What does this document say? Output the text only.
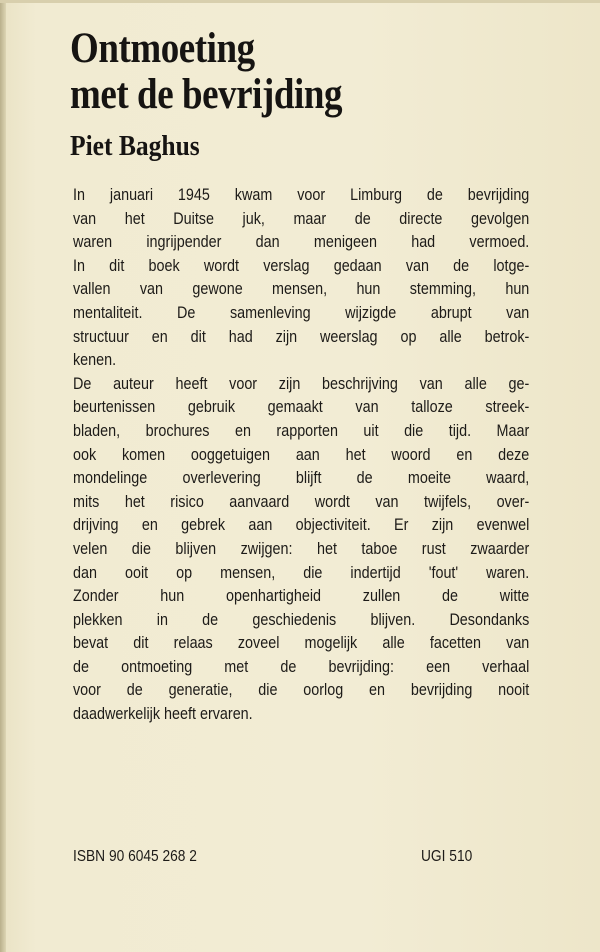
Ontmoeting
met de bevrijding
Piet Baghus
In januari 1945 kwam voor Limburg de bevrijding
van het Duitse juk, maar de directe gevolgen
waren ingrijpender dan menigeen had vermoed.
In dit boek wordt verslag gedaan van de lotge-
vallen van gewone mensen, hun stemming, hun
mentaliteit. De samenleving wijzigde abrupt van
structuur en dit had zijn weerslag op alle betrok-
kenen.
De auteur heeft voor zijn beschrijving van alle ge-
beurtenissen gebruik gemaakt van talloze streek-
bladen, brochures en rapporten uit die tijd. Maar
ook komen ooggetuigen aan het woord en deze
mondelinge overlevering blijft de moeite waard,
mits het risico aanvaard wordt van twijfels, over-
drijving en gebrek aan objectiviteit. Er zijn evenwel
velen die blijven zwijgen: het taboe rust zwaarder
dan ooit op mensen, die indertijd 'fout' waren.
Zonder hun openhartigheid zullen de witte
plekken in de geschiedenis blijven. Desondanks
bevat dit relaas zoveel mogelijk alle facetten van
de ontmoeting met de bevrijding: een verhaal
voor de generatie, die oorlog en bevrijding nooit
daadwerkelijk heeft ervaren.
ISBN 90 6045 268 2	UGI 510
